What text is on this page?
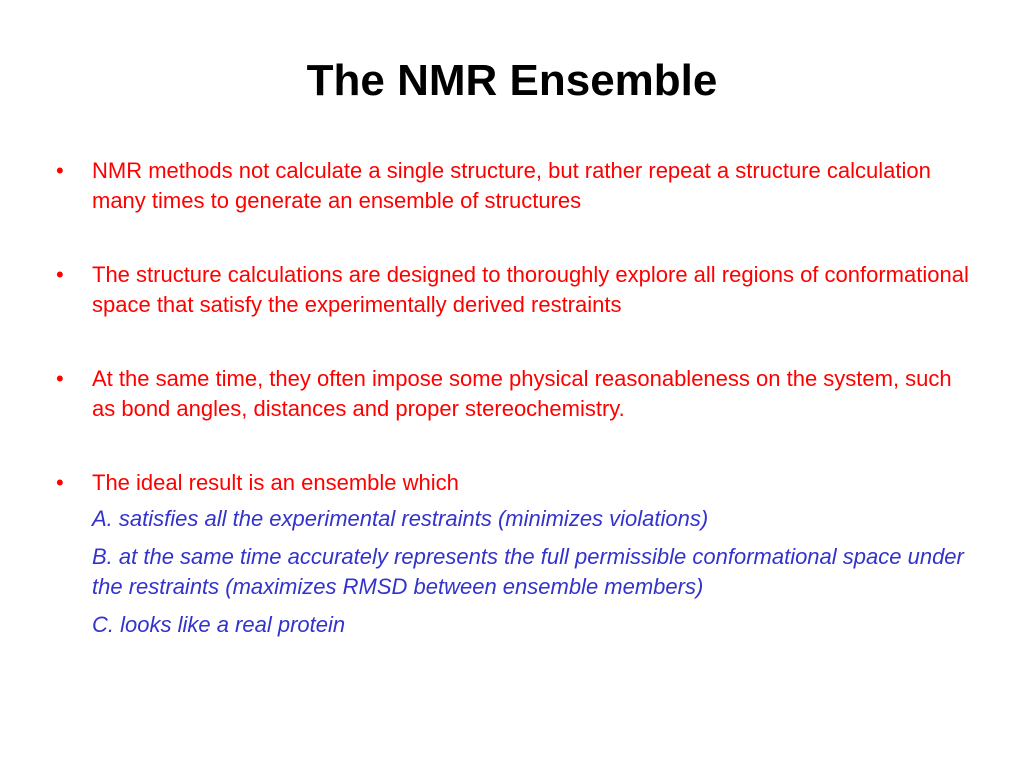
The NMR Ensemble
•	NMR methods not calculate a single structure, but rather repeat a structure calculation many times to generate an ensemble of structures
•	The structure calculations are designed to thoroughly explore all regions of conformational space that satisfy the experimentally derived restraints
•	At the same time, they often impose some physical reasonableness on the system, such as bond angles, distances and proper stereochemistry.
•	The ideal result is an ensemble which
A. satisfies all the experimental restraints (minimizes violations)
B. at the same time accurately represents the full permissible conformational space under the restraints (maximizes RMSD between ensemble members)
C. looks like a real protein
